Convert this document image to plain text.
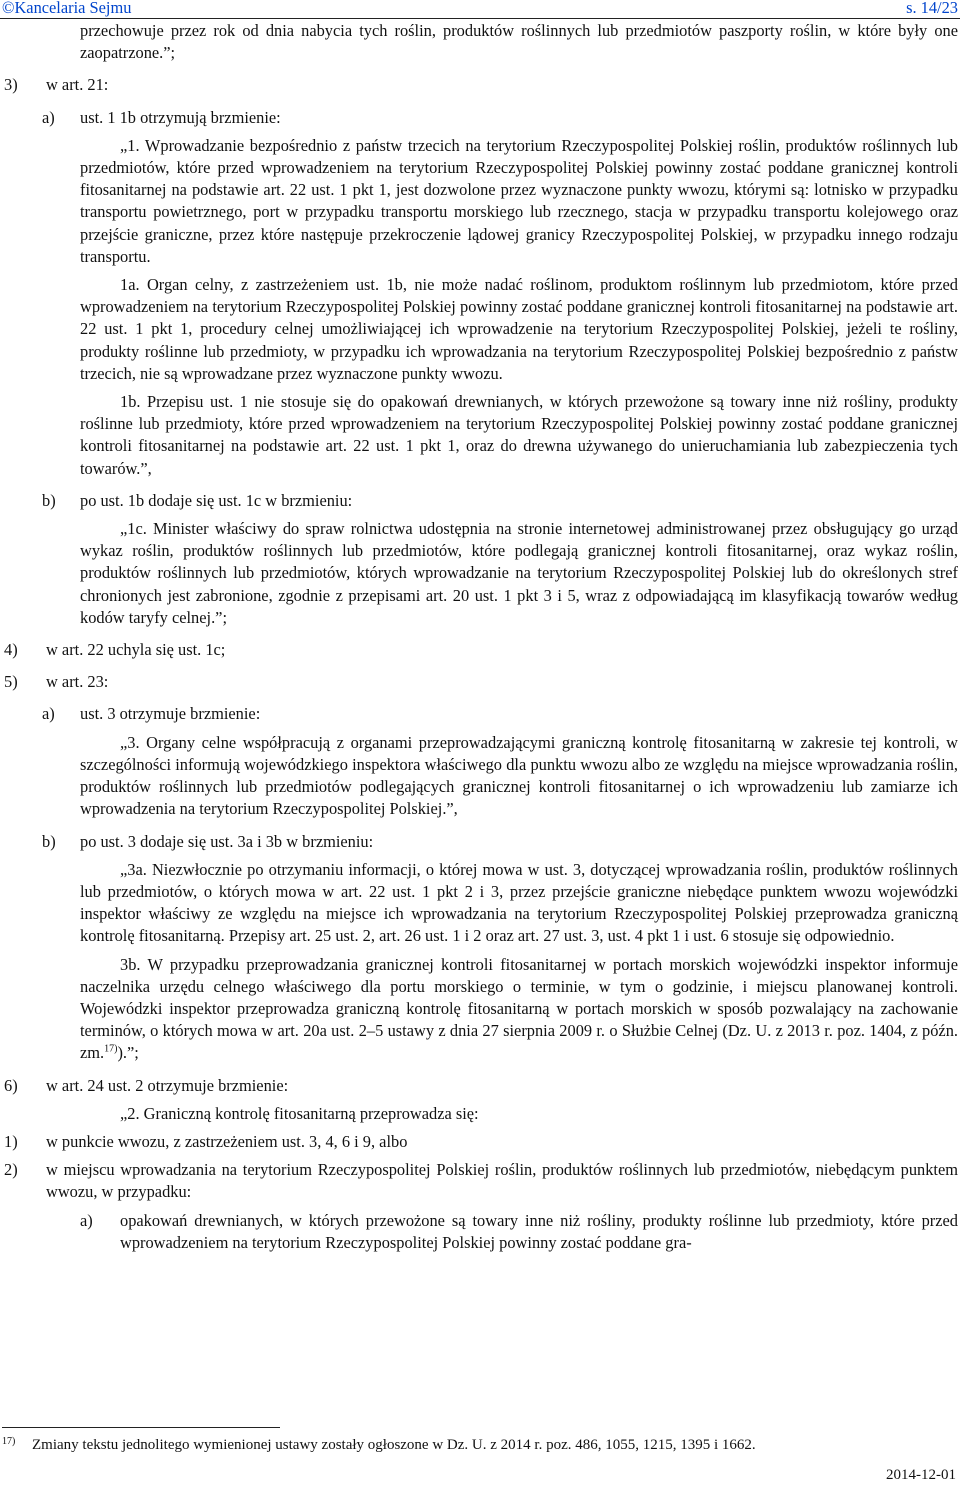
©Kancelaria Sejmu	s. 14/23

przechowuje przez rok od dnia nabycia tych roślin, produktów roślinnych lub przedmiotów paszporty roślin, w które były one zaopatrzone.”;

3)	w art. 21:
a)	ust. 1 1b otrzymują brzmienie:

„1. Wprowadzanie bezpośrednio z państw trzecich na terytorium Rzeczypospolitej Polskiej roślin, produktów roślinnych lub przedmiotów, które przed wprowadzeniem na terytorium Rzeczypospolitej Polskiej powinny zostać poddane granicznej kontroli fitosanitarnej na podstawie art. 22 ust. 1 pkt 1, jest dozwolone przez wyznaczone punkty wwozu, którymi są: lotnisko w przypadku transportu powietrznego, port w przypadku transportu morskiego lub rzecznego, stacja w przypadku transportu kolejowego oraz przejście graniczne, przez które następuje przekroczenie lądowej granicy Rzeczypospolitej Polskiej, w przypadku innego rodzaju transportu.

1a. Organ celny, z zastrzeżeniem ust. 1b, nie może nadać roślinom, produktom roślinnym lub przedmiotom, które przed wprowadzeniem na terytorium Rzeczypospolitej Polskiej powinny zostać poddane granicznej kontroli fitosanitarnej na podstawie art. 22 ust. 1 pkt 1, procedury celnej umożliwiającej ich wprowadzenie na terytorium Rzeczypospolitej Polskiej, jeżeli te rośliny, produkty roślinne lub przedmioty, w przypadku ich wprowadzania na terytorium Rzeczypospolitej Polskiej bezpośrednio z państw trzecich, nie są wprowadzane przez wyznaczone punkty wwozu.

1b. Przepisu ust. 1 nie stosuje się do opakowań drewnianych, w których przewożone są towary inne niż rośliny, produkty roślinne lub przedmioty, które przed wprowadzeniem na terytorium Rzeczypospolitej Polskiej powinny zostać poddane granicznej kontroli fitosanitarnej na podstawie art. 22 ust. 1 pkt 1, oraz do drewna używanego do unieruchamiania lub zabezpieczenia tych towarów.”,

b)	po ust. 1b dodaje się ust. 1c w brzmieniu:

„1c. Minister właściwy do spraw rolnictwa udostępnia na stronie internetowej administrowanej przez obsługujący go urząd wykaz roślin, produktów roślinnych lub przedmiotów, które podlegają granicznej kontroli fitosanitarnej, oraz wykaz roślin, produktów roślinnych lub przedmiotów, których wprowadzanie na terytorium Rzeczypospolitej Polskiej lub do określonych stref chronionych jest zabronione, zgodnie z przepisami art. 20 ust. 1 pkt 3 i 5, wraz z odpowiadającą im klasyfikacją towarów według kodów taryfy celnej.”;

4)	w art. 22 uchyla się ust. 1c;
5)	w art. 23:
a)	ust. 3 otrzymuje brzmienie:

„3. Organy celne współpracują z organami przeprowadzającymi graniczną kontrolę fitosanitarną w zakresie tej kontroli, w szczególności informują wojewódzkiego inspektora właściwego dla punktu wwozu albo ze względu na miejsce wprowadzania roślin, produktów roślinnych lub przedmiotów podlegających granicznej kontroli fitosanitarnej o ich wprowadzeniu lub zamiarze ich wprowadzenia na terytorium Rzeczypospolitej Polskiej.”,

b)	po ust. 3 dodaje się ust. 3a i 3b w brzmieniu:

„3a. Niezwłocznie po otrzymaniu informacji, o której mowa w ust. 3, dotyczącej wprowadzania roślin, produktów roślinnych lub przedmiotów, o których mowa w art. 22 ust. 1 pkt 2 i 3, przez przejście graniczne niebędące punktem wwozu wojewódzki inspektor właściwy ze względu na miejsce ich wprowadzania na terytorium Rzeczypospolitej Polskiej przeprowadza graniczną kontrolę fitosanitarną. Przepisy art. 25 ust. 2, art. 26 ust. 1 i 2 oraz art. 27 ust. 3, ust. 4 pkt 1 i ust. 6 stosuje się odpowiednio.

3b. W przypadku przeprowadzania granicznej kontroli fitosanitarnej w portach morskich wojewódzki inspektor informuje naczelnika urzędu celnego właściwego dla portu morskiego o terminie, w tym o godzinie, i miejscu planowanej kontroli. Wojewódzki inspektor przeprowadza graniczną kontrolę fitosanitarną w portach morskich w sposób pozwalający na zachowanie terminów, o których mowa w art. 20a ust. 2–5 ustawy z dnia 27 sierpnia 2009 r. o Służbie Celnej (Dz. U. z 2013 r. poz. 1404, z późn. zm.$^{17)}$).”;

6)	w art. 24 ust. 2 otrzymuje brzmienie:

„2. Graniczną kontrolę fitosanitarną przeprowadza się:

1)	w punkcie wwozu, z zastrzeżeniem ust. 3, 4, 6 i 9, albo
2)	w miejscu wprowadzania na terytorium Rzeczypospolitej Polskiej roślin, produktów roślinnych lub przedmiotów, niebędącym punktem wwozu, w przypadku:
a)	opakowań drewnianych, w których przewożone są towary inne niż rośliny, produkty roślinne lub przedmioty, które przed wprowadzeniem na terytorium Rzeczypospolitej Polskiej powinny zostać poddane gra-
17)	Zmiany tekstu jednolitego wymienionej ustawy zostały ogłoszone w Dz. U. z 2014 r. poz. 486, 1055, 1215, 1395 i 1662.
2014-12-01
